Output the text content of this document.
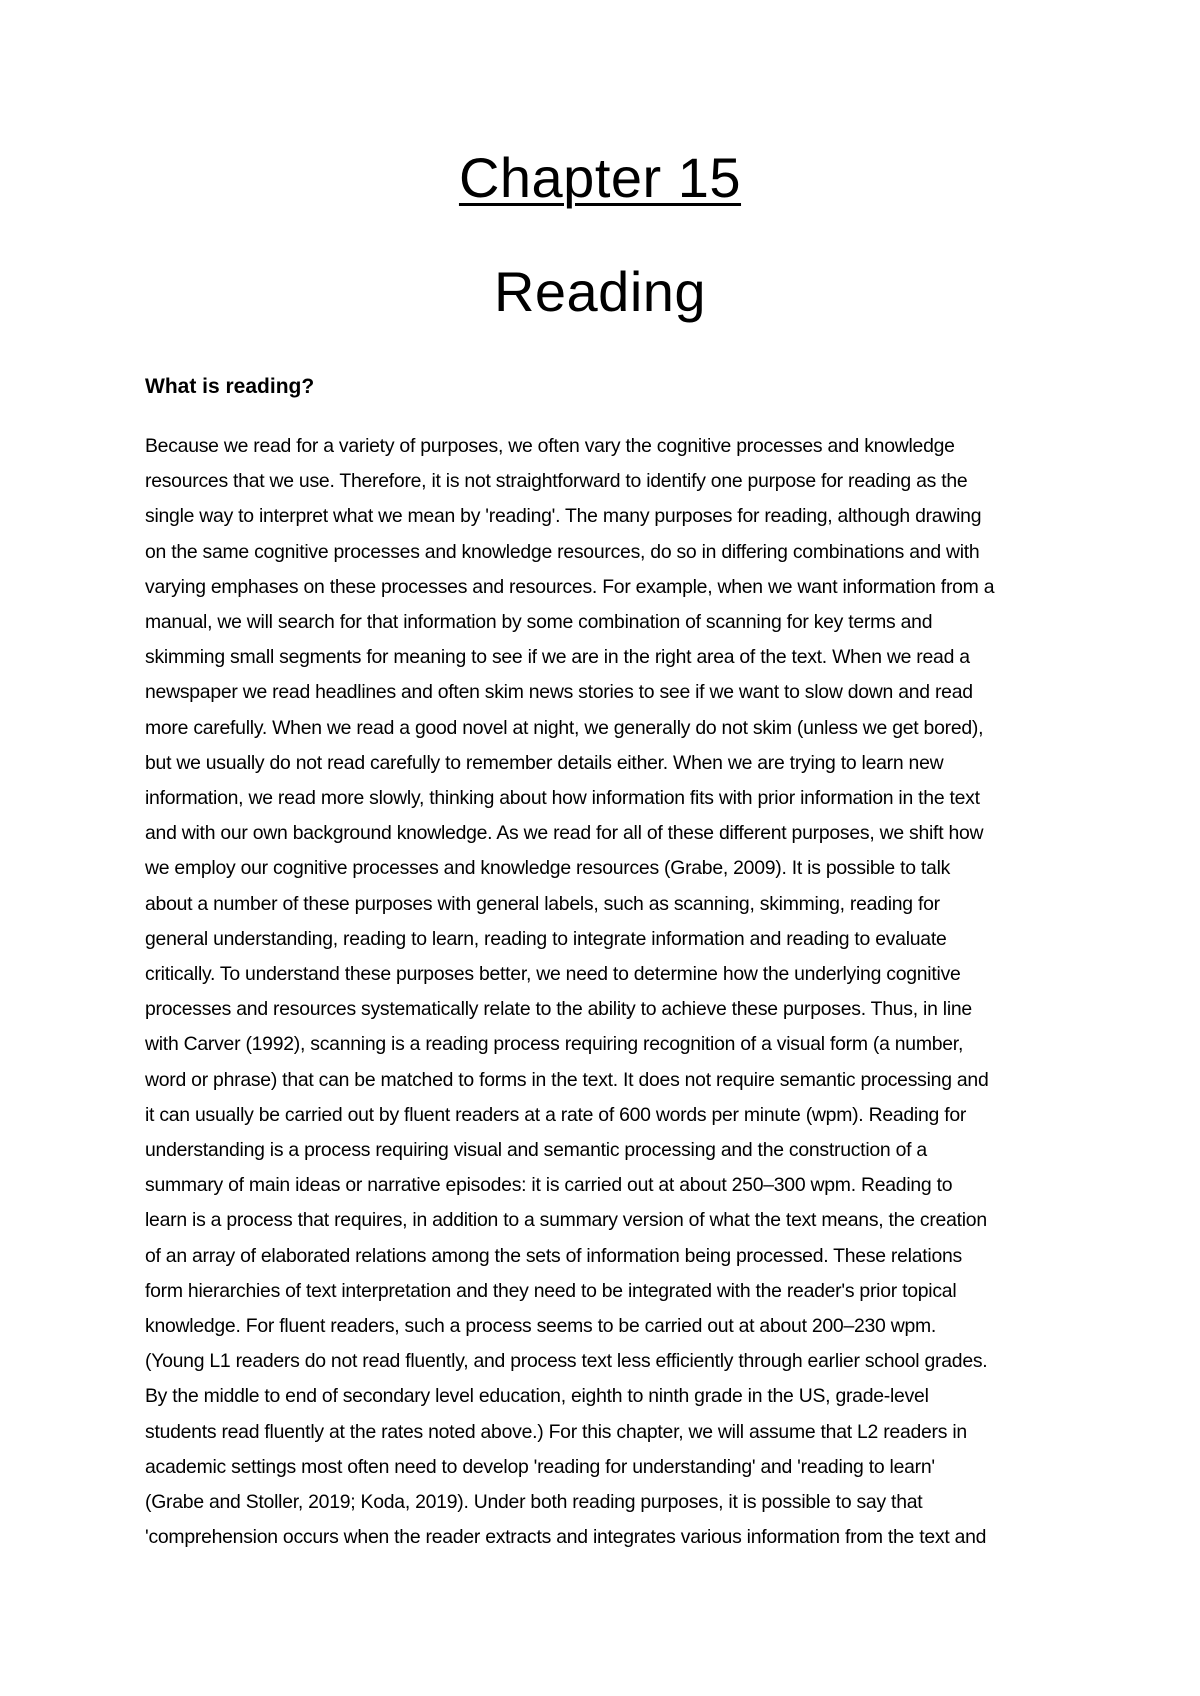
Chapter 15
Reading
What is reading?

Because we read for a variety of purposes, we often vary the cognitive processes and knowledge
resources that we use. Therefore, it is not straightforward to identify one purpose for reading as the
single way to interpret what we mean by 'reading'. The many purposes for reading, although drawing
on the same cognitive processes and knowledge resources, do so in differing combinations and with
varying emphases on these processes and resources. For example, when we want information from a
manual, we will search for that information by some combination of scanning for key terms and
skimming small segments for meaning to see if we are in the right area of the text. When we read a
newspaper we read headlines and often skim news stories to see if we want to slow down and read
more carefully. When we read a good novel at night, we generally do not skim (unless we get bored),
but we usually do not read carefully to remember details either. When we are trying to learn new
information, we read more slowly, thinking about how information fits with prior information in the text
and with our own background knowledge. As we read for all of these different purposes, we shift how
we employ our cognitive processes and knowledge resources (Grabe, 2009). It is possible to talk
about a number of these purposes with general labels, such as scanning, skimming, reading for
general understanding, reading to learn, reading to integrate information and reading to evaluate
critically. To understand these purposes better, we need to determine how the underlying cognitive
processes and resources systematically relate to the ability to achieve these purposes. Thus, in line
with Carver (1992), scanning is a reading process requiring recognition of a visual form (a number,
word or phrase) that can be matched to forms in the text. It does not require semantic processing and
it can usually be carried out by fluent readers at a rate of 600 words per minute (wpm). Reading for
understanding is a process requiring visual and semantic processing and the construction of a
summary of main ideas or narrative episodes: it is carried out at about 250–300 wpm. Reading to
learn is a process that requires, in addition to a summary version of what the text means, the creation
of an array of elaborated relations among the sets of information being processed. These relations
form hierarchies of text interpretation and they need to be integrated with the reader's prior topical
knowledge. For fluent readers, such a process seems to be carried out at about 200–230 wpm.
(Young L1 readers do not read fluently, and process text less efficiently through earlier school grades.
By the middle to end of secondary level education, eighth to ninth grade in the US, grade-level
students read fluently at the rates noted above.) For this chapter, we will assume that L2 readers in
academic settings most often need to develop 'reading for understanding' and 'reading to learn'
(Grabe and Stoller, 2019; Koda, 2019). Under both reading purposes, it is possible to say that
'comprehension occurs when the reader extracts and integrates various information from the text and
